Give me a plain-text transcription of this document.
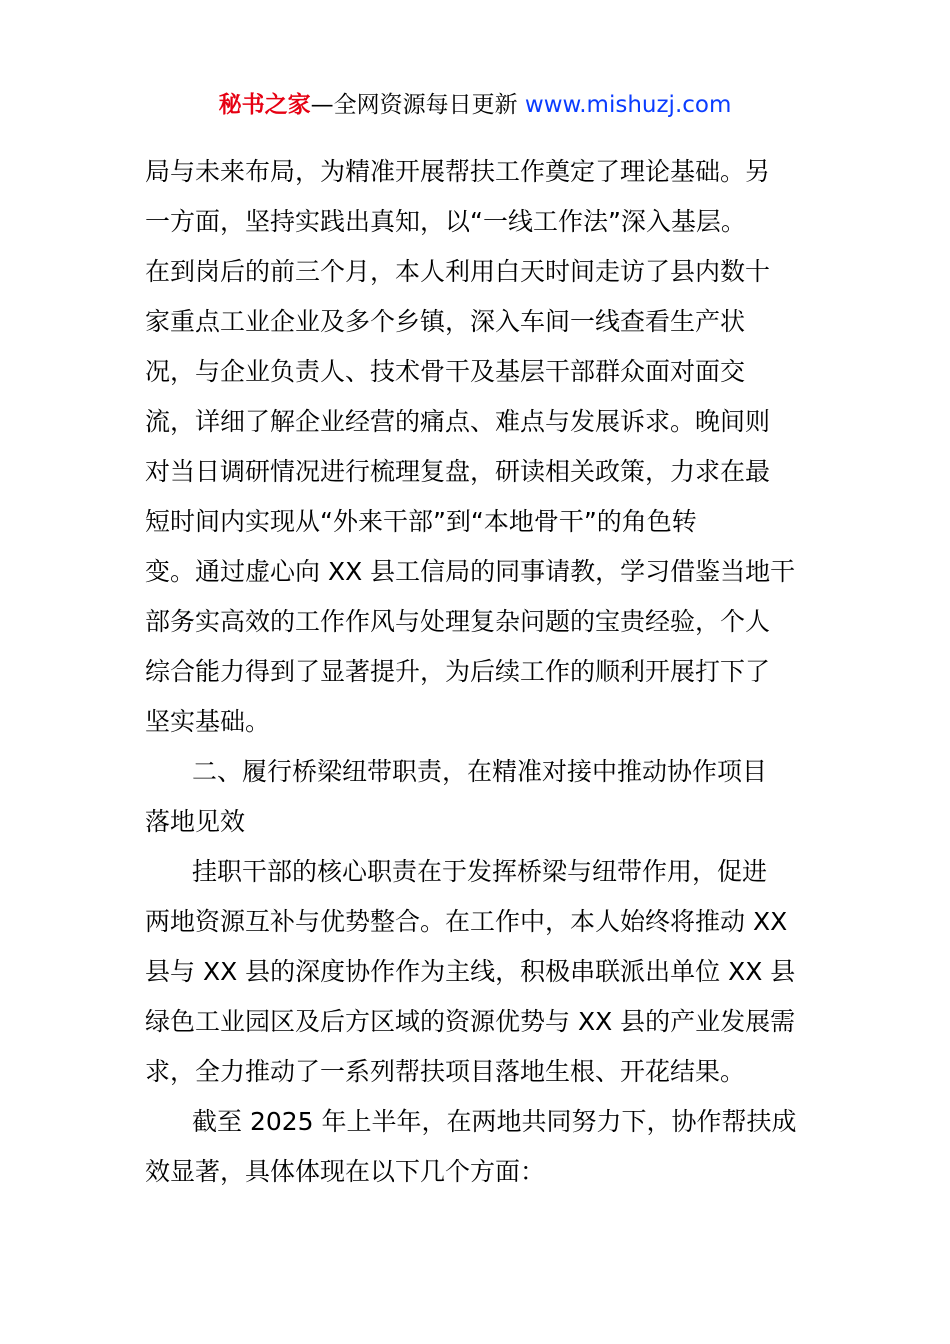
秘书之家—全网资源每日更新 www.mishuzj.com
局与未来布局，为精准开展帮扶工作奠定了理论基础。另
一方面，坚持实践出真知，以“一线工作法”深入基层。
在到岗后的前三个月，本人利用白天时间走访了县内数十
家重点工业企业及多个乡镇，深入车间一线查看生产状
况，与企业负责人、技术骨干及基层干部群众面对面交
流，详细了解企业经营的痛点、难点与发展诉求。晚间则
对当日调研情况进行梳理复盘，研读相关政策，力求在最
短时间内实现从“外来干部”到“本地骨干”的角色转
变。通过虚心向 XX 县工信局的同事请教，学习借鉴当地干
部务实高效的工作作风与处理复杂问题的宝贵经验，个人
综合能力得到了显著提升，为后续工作的顺利开展打下了
坚实基础。
二、履行桥梁纽带职责，在精准对接中推动协作项目
落地见效
挂职干部的核心职责在于发挥桥梁与纽带作用，促进
两地资源互补与优势整合。在工作中，本人始终将推动 XX
县与 XX 县的深度协作作为主线，积极串联派出单位 XX 县
绿色工业园区及后方区域的资源优势与 XX 县的产业发展需
求，全力推动了一系列帮扶项目落地生根、开花结果。
截至 2025 年上半年，在两地共同努力下，协作帮扶成
效显著，具体体现在以下几个方面：
